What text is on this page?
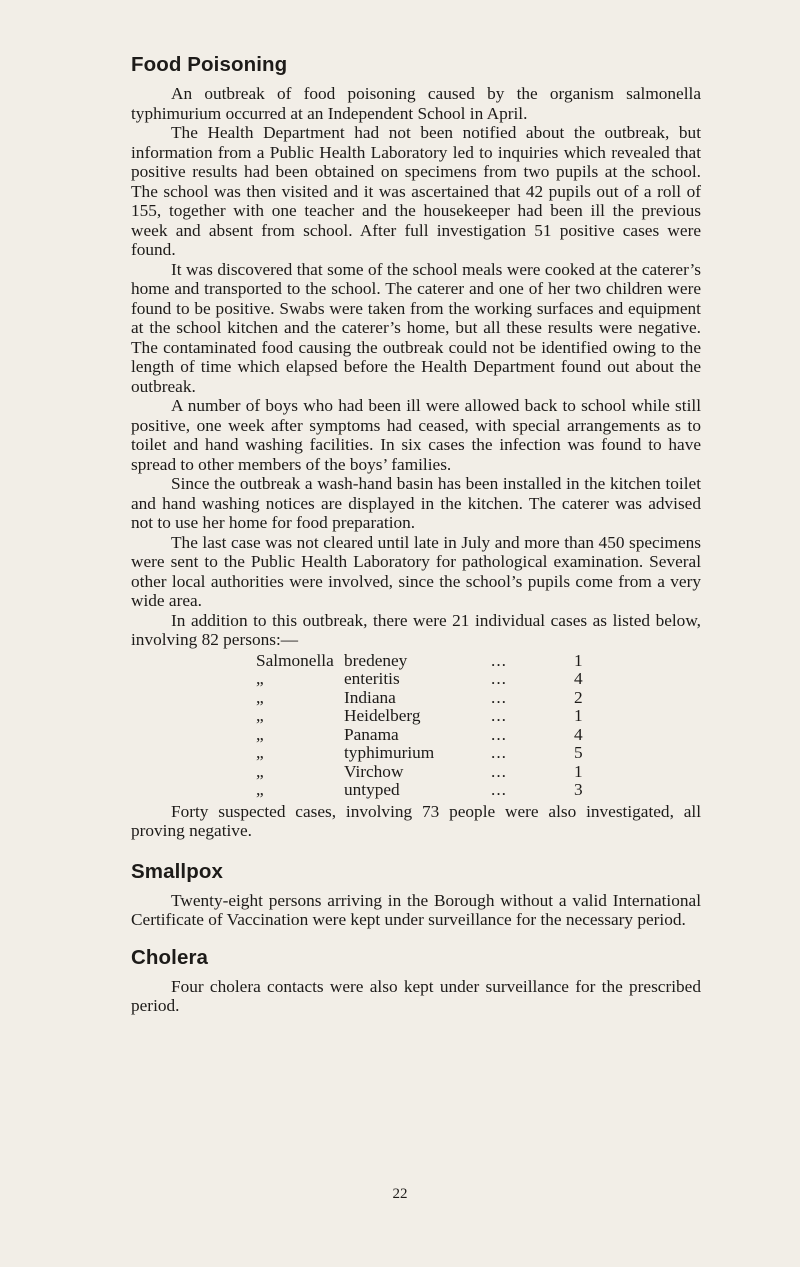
Food Poisoning

An outbreak of food poisoning caused by the organism salmonella typhimurium occurred at an Independent School in April.

The Health Department had not been notified about the outbreak, but information from a Public Health Laboratory led to inquiries which revealed that positive results had been obtained on specimens from two pupils at the school. The school was then visited and it was ascertained that 42 pupils out of a roll of 155, together with one teacher and the housekeeper had been ill the previous week and absent from school. After full investigation 51 positive cases were found.

It was discovered that some of the school meals were cooked at the caterer’s home and transported to the school. The caterer and one of her two children were found to be positive. Swabs were taken from the working surfaces and equipment at the school kitchen and the caterer’s home, but all these results were negative. The contaminated food causing the outbreak could not be identified owing to the length of time which elapsed before the Health Department found out about the outbreak.

A number of boys who had been ill were allowed back to school while still positive, one week after symptoms had ceased, with special arrangements as to toilet and hand washing facilities. In six cases the infection was found to have spread to other members of the boys’ families.

Since the outbreak a wash-hand basin has been installed in the kitchen toilet and hand washing notices are displayed in the kitchen. The caterer was advised not to use her home for food preparation.

The last case was not cleared until late in July and more than 450 specimens were sent to the Public Health Laboratory for pathological examination. Several other local authorities were involved, since the school’s pupils come from a very wide area.

In addition to this outbreak, there were 21 individual cases as listed below, involving 82 persons:—

Salmonella bredeney	...	1
„	enteritis	...	4
„	Indiana	...	2
„	Heidelberg	...	1
„	Panama	...	4
„	typhimurium	...	5
„	Virchow	...	1
„	untyped	...	3

Forty suspected cases, involving 73 people were also investigated, all proving negative.

Smallpox

Twenty-eight persons arriving in the Borough without a valid International Certificate of Vaccination were kept under surveillance for the necessary period.

Cholera

Four cholera contacts were also kept under surveillance for the prescribed period.

22
